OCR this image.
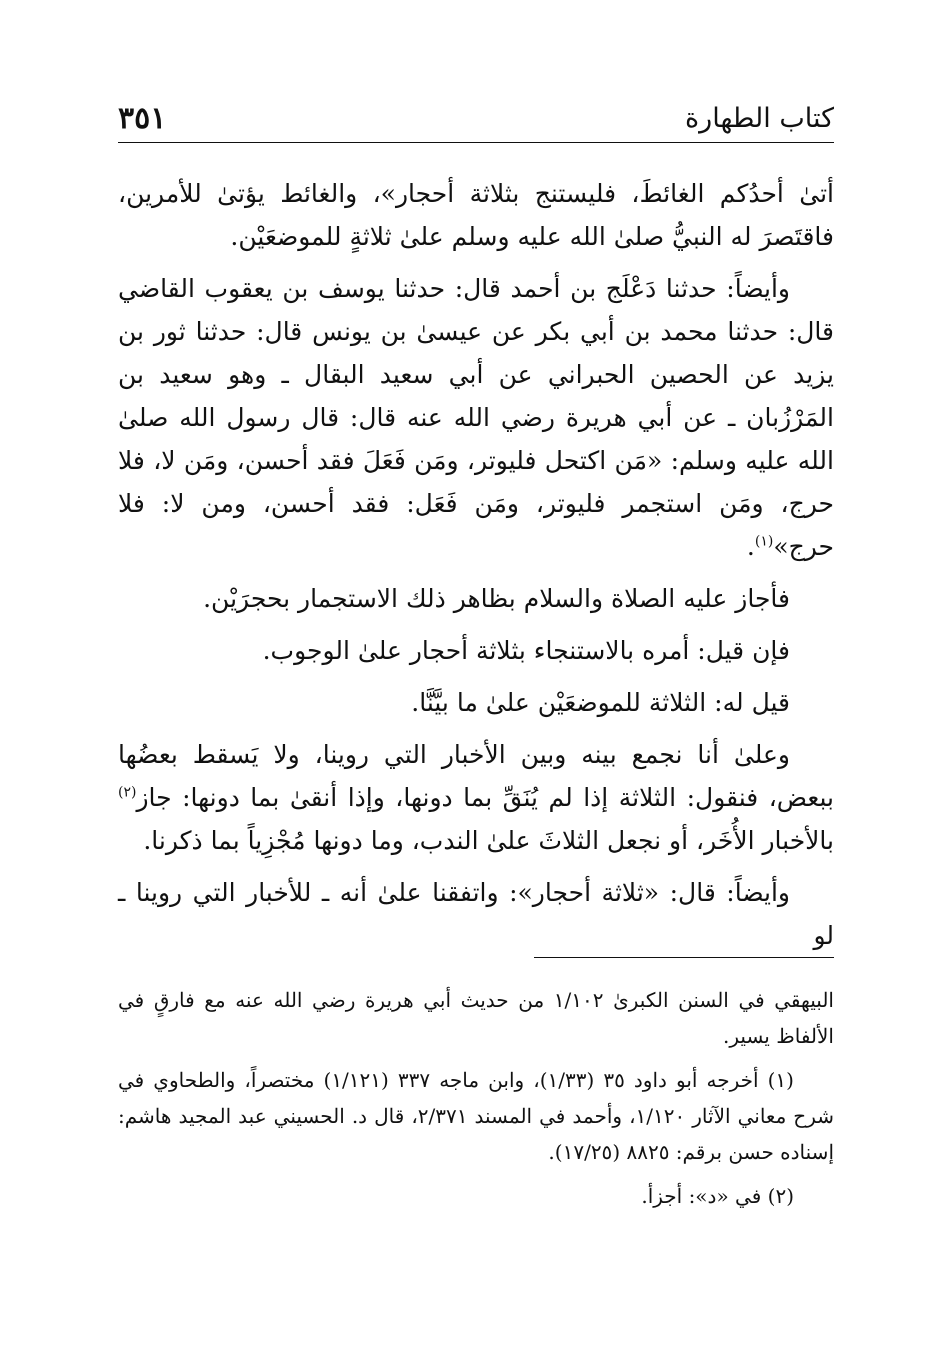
كتاب الطهارة
٣٥١

أتىٰ أحدُكم الغائطَ، فليستنج بثلاثة أحجار»، والغائط يؤتىٰ للأمرين، فاقتَصرَ له النبيُّ صلىٰ الله عليه وسلم علىٰ ثلاثةٍ للموضعَيْن.

وأيضاً: حدثنا دَعْلَج بن أحمد قال: حدثنا يوسف بن يعقوب القاضي قال: حدثنا محمد بن أبي بكر عن عيسىٰ بن يونس قال: حدثنا ثور بن يزيد عن الحصين الحبراني عن أبي سعيد البقال ـ وهو سعيد بن المَرْزُبان ـ عن أبي هريرة رضي الله عنه قال: قال رسول الله صلىٰ الله عليه وسلم: «مَن اكتحل فليوتر، ومَن فَعَلَ فقد أحسن، ومَن لا، فلا حرج، ومَن استجمر فليوتر، ومَن فَعَل: فقد أحسن، ومن لا: فلا حرج»$^{(١)}$.

فأجاز عليه الصلاة والسلام بظاهر ذلك الاستجمار بحجرَيْن.

فإن قيل: أمره بالاستنجاء بثلاثة أحجار علىٰ الوجوب.

قيل له: الثلاثة للموضعَيْن علىٰ ما بيَّنَّا.

وعلىٰ أنا نجمع بينه وبين الأخبار التي روينا، ولا يَسقط بعضُها ببعض، فنقول: الثلاثة إذا لم يُنَقِّ بما دونها، وإذا أنقىٰ بما دونها: جاز$^{(٢)}$ بالأخبار الأُخَر، أو نجعل الثلاثَ علىٰ الندب، وما دونها مُجْزِياً بما ذكرنا.

وأيضاً: قال: «ثلاثة أحجار»: واتفقنا علىٰ أنه ـ للأخبار التي روينا ـ لو

البيهقي في السنن الكبرىٰ ١/١٠٢ من حديث أبي هريرة رضي الله عنه مع فارقٍ في الألفاظ يسير.

(١) أخرجه أبو داود ٣٥ (١/٣٣)، وابن ماجه ٣٣٧ (١/١٢١) مختصراً، والطحاوي في شرح معاني الآثار ١/١٢٠، وأحمد في المسند ٢/٣٧١، قال د. الحسيني عبد المجيد هاشم: إسناده حسن برقم: ٨٨٢٥ (١٧/٢٥).

(٢) في «د»: أجزأ.
